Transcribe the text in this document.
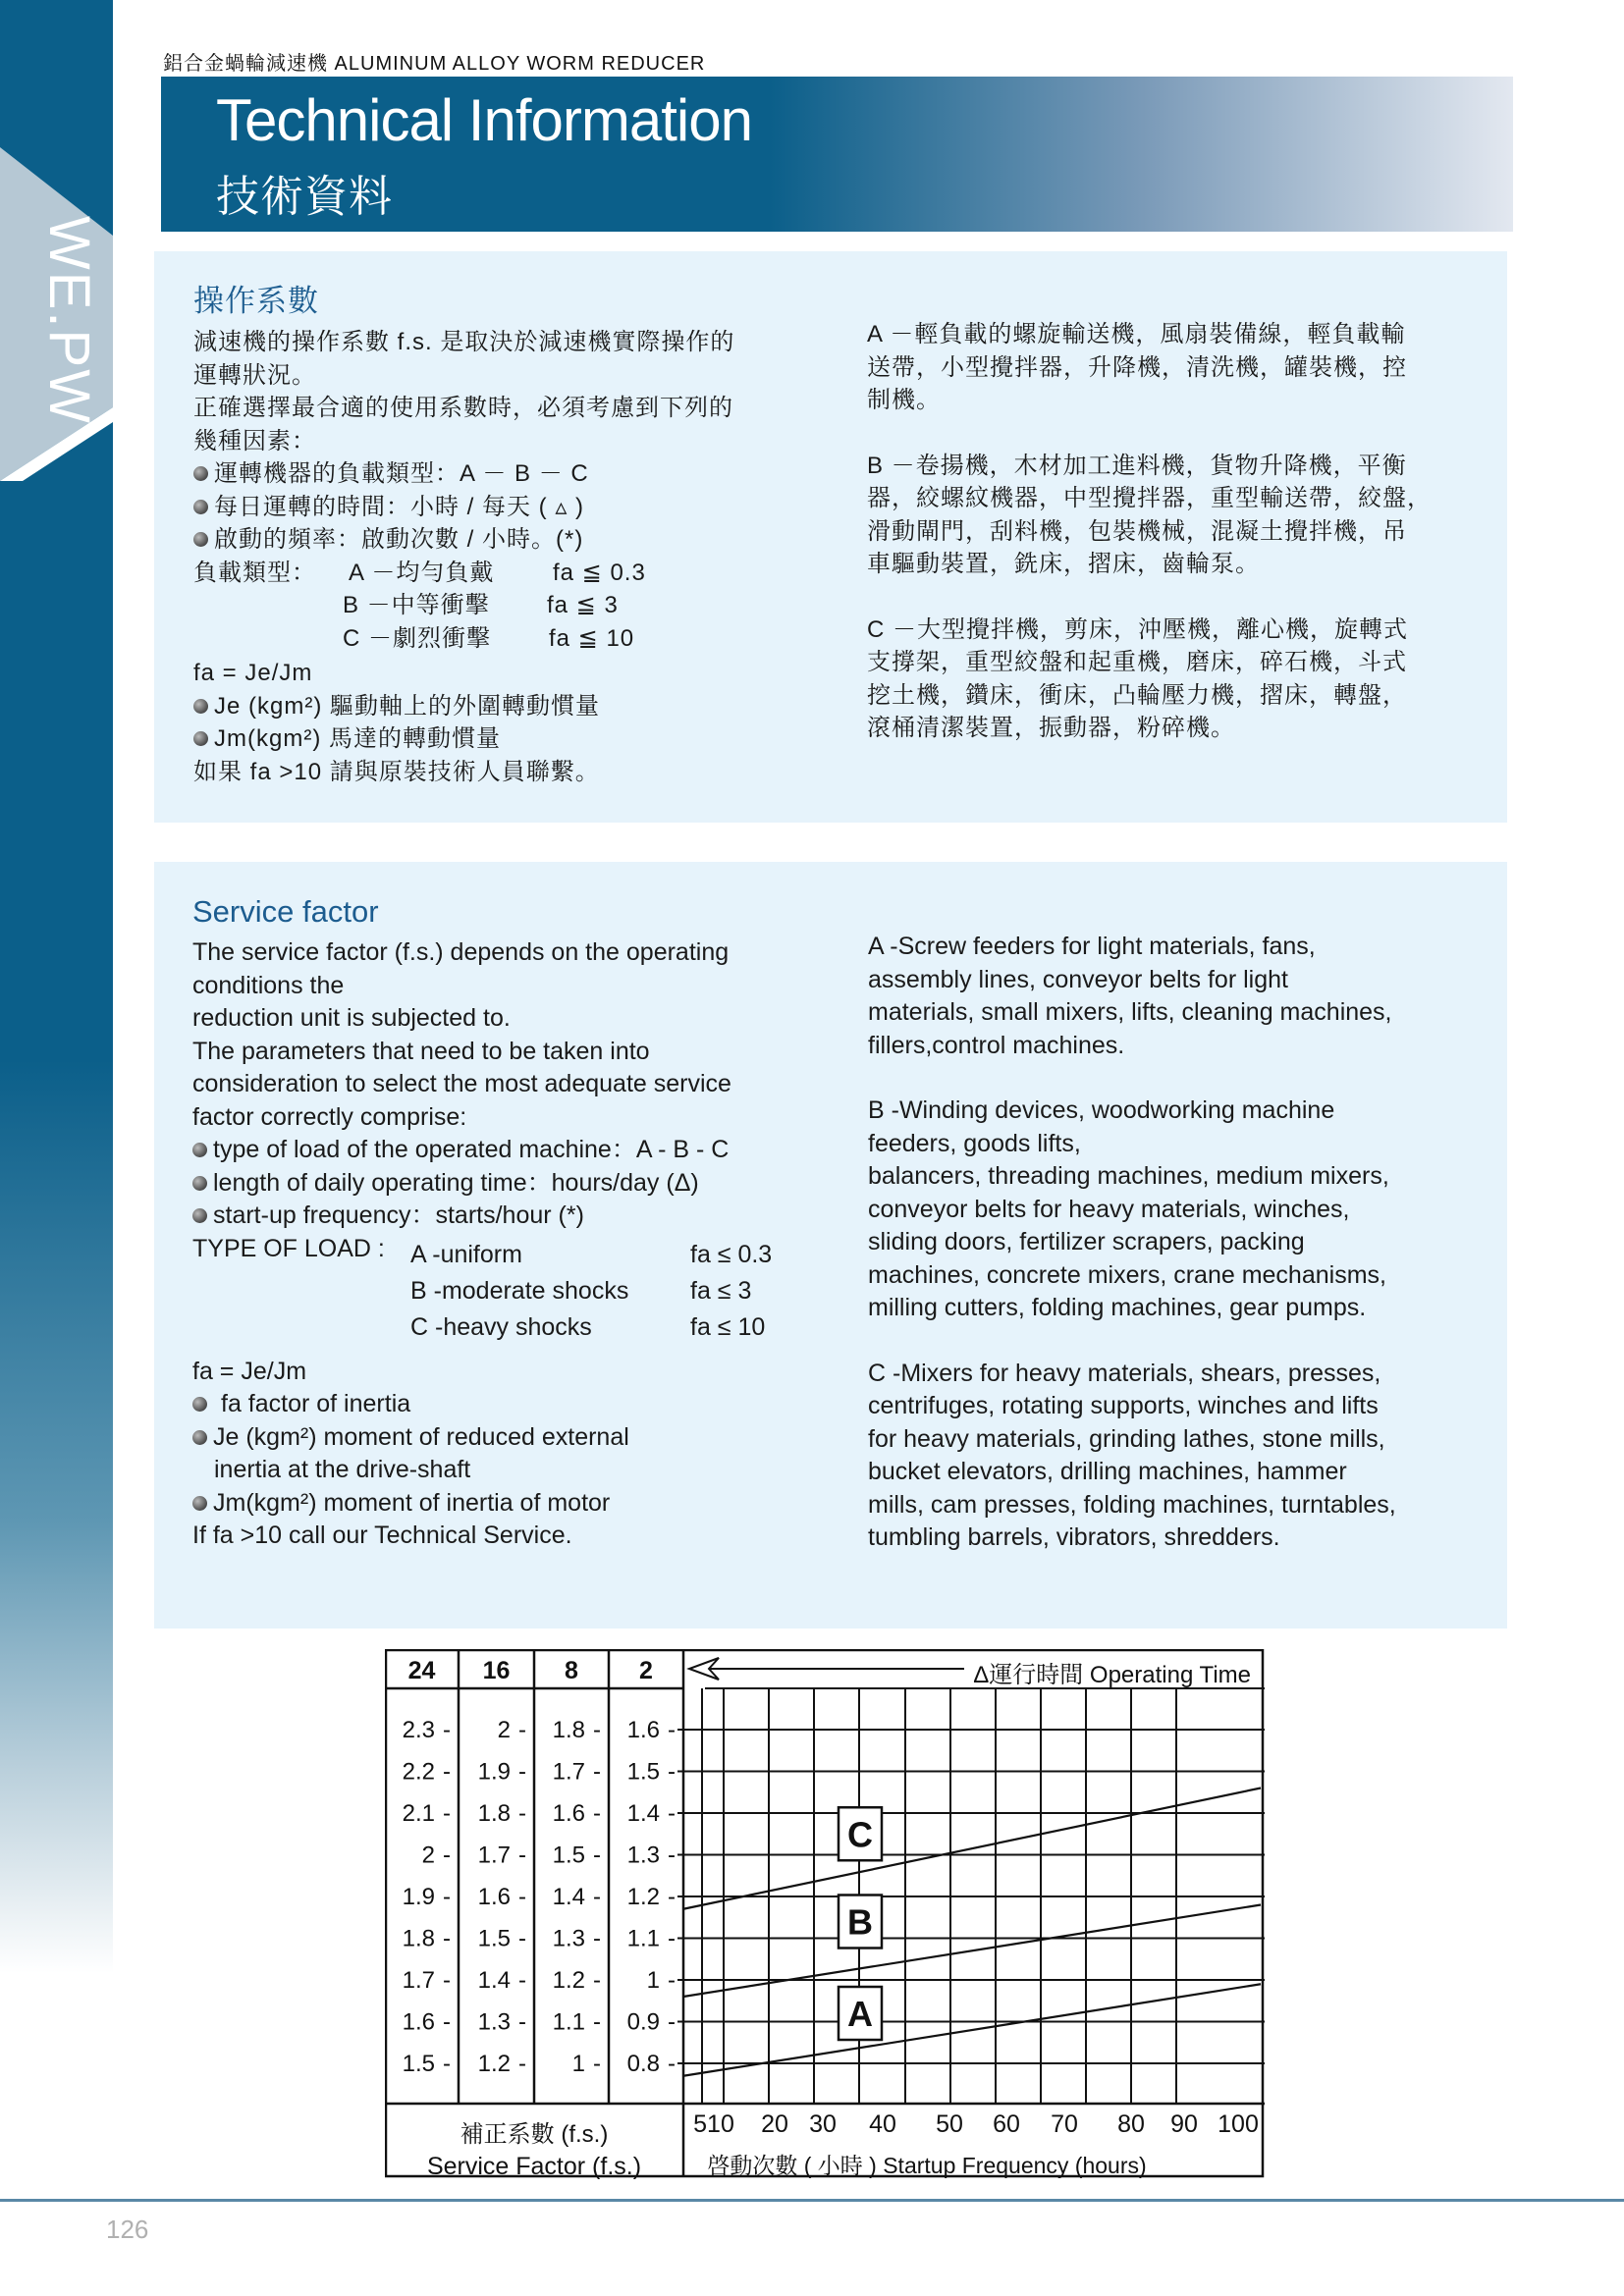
鋁合金蝸輪減速機 ALUMINUM ALLOY WORM REDUCER
Technical Information
技術資料
操作系數
減速機的操作系數 f.s. 是取決於減速機實際操作的
運轉狀況。
正確選擇最合適的使用系數時，必須考慮到下列的
幾種因素：
運轉機器的負載類型：A － B － C
每日運轉的時間：小時 / 每天 ( ▵ )
啟動的頻率：啟動次數 / 小時。(*)
負載類型：	A －均勻負戴	fa ≦ 0.3
B －中等衝擊	fa ≦ 3
C －劇烈衝擊	fa ≦ 10
fa = Je/Jm
Je (kgm²) 驅動軸上的外圍轉動慣量
Jm(kgm²) 馬達的轉動慣量
如果 fa >10 請與原裝技術人員聯繫。
A －輕負載的螺旋輸送機，風扇裝備線，輕負載輸
送帶，小型攪拌器，升降機，清洗機，罐裝機，控
制機。
B －卷揚機，木材加工進料機，貨物升降機，平衡
器，絞螺紋機器，中型攪拌器，重型輸送帶，絞盤，
滑動閘門，刮料機，包裝機械，混凝土攪拌機，吊
車驅動裝置，銑床，摺床，齒輪泵。
C －大型攪拌機，剪床，沖壓機，離心機，旋轉式
支撐架，重型絞盤和起重機，磨床，碎石機，斗式
挖土機，鑽床，衝床，凸輪壓力機，摺床，轉盤，
滾桶清潔裝置，振動器，粉碎機。
Service factor
The service factor (f.s.) depends on the operating
conditions the
reduction unit is subjected to.
The parameters that need to be taken into
consideration to select the most adequate service
factor correctly comprise:
type of load of the operated machine：A - B - C
length of daily operating time：hours/day (Δ)
start-up frequency：starts/hour (*)
TYPE OF LOAD :	A -uniform	fa ≤ 0.3
B -moderate shocks	fa ≤ 3
C -heavy shocks	fa ≤ 10
fa = Je/Jm
fa factor of inertia
Je (kgm²) moment of reduced external
inertia at the drive-shaft
Jm(kgm²) moment of inertia of motor
If fa >10 call our Technical Service.
A -Screw feeders for light materials, fans,
assembly lines, conveyor belts for light
materials, small mixers, lifts, cleaning machines,
fillers,control machines.
B -Winding devices, woodworking machine
feeders, goods lifts,
balancers, threading machines, medium mixers,
conveyor belts for heavy materials, winches,
sliding doors, fertilizer scrapers, packing
machines, concrete mixers, crane mechanisms,
milling cutters, folding machines, gear pumps.
C -Mixers for heavy materials, shears, presses,
centrifuges, rotating supports, winches and lifts
for heavy materials, grinding lathes, stone mills,
bucket elevators, drilling machines, hammer
mills, cam presses, folding machines, turntables,
tumbling barrels, vibrators, shredders.
24 16 8 2
2.3 - 2 - 1.8 - 1.6 -
2.2 - 1.9 - 1.7 - 1.5 -
2.1 - 1.8 - 1.6 - 1.4 -
2 - 1.7 - 1.5 - 1.3 -
1.9 - 1.6 - 1.4 - 1.2 -
1.8 - 1.5 - 1.3 - 1.1 -
1.7 - 1.4 - 1.2 - 1 -
1.6 - 1.3 - 1.1 - 0.9 -
1.5 - 1.2 - 1 - 0.8 -
510 20 30 40 50 60 70 80 90 100
C
B
A
Δ運行時間 Operating Time
補正系數 (f.s.)
Service Factor (f.s.)	啓動次數 ( 小時 ) Startup Frequency (hours)
126
